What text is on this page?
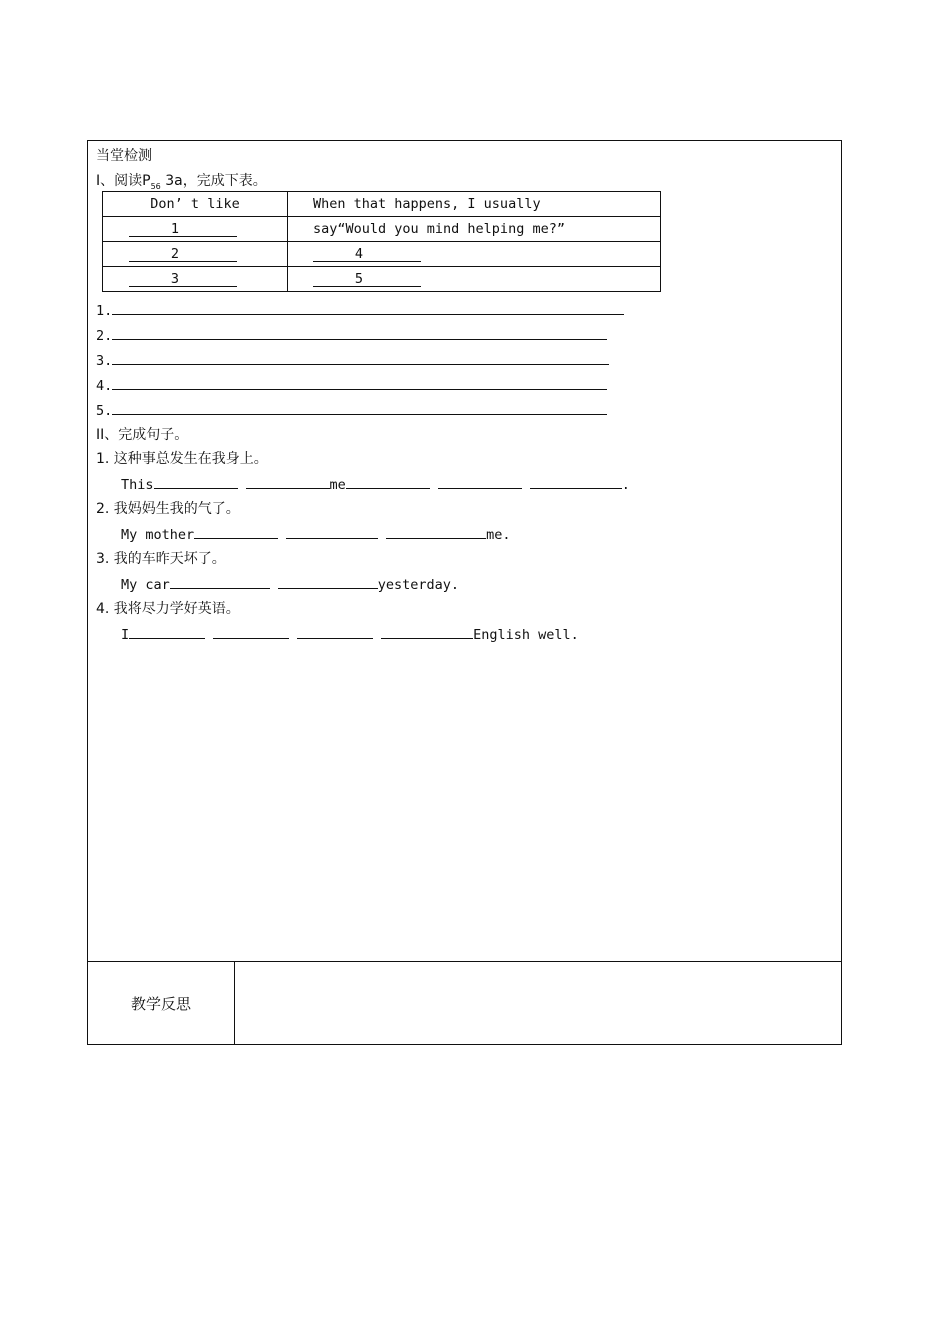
当堂检测
I、阅读$P_{56}$ 3a，完成下表。
Don’ t like	When that happens, I usually
1	say“Would you mind helping me?”
2	4
3	5
1.
2.
3.
4.
5.
II、完成句子。
1. 这种事总发生在我身上。
This	me	.
2. 我妈妈生我的气了。
My mother	me.
3. 我的车昨天坏了。
My car	yesterday.
4. 我将尽力学好英语。
I	English well.
教学反思
